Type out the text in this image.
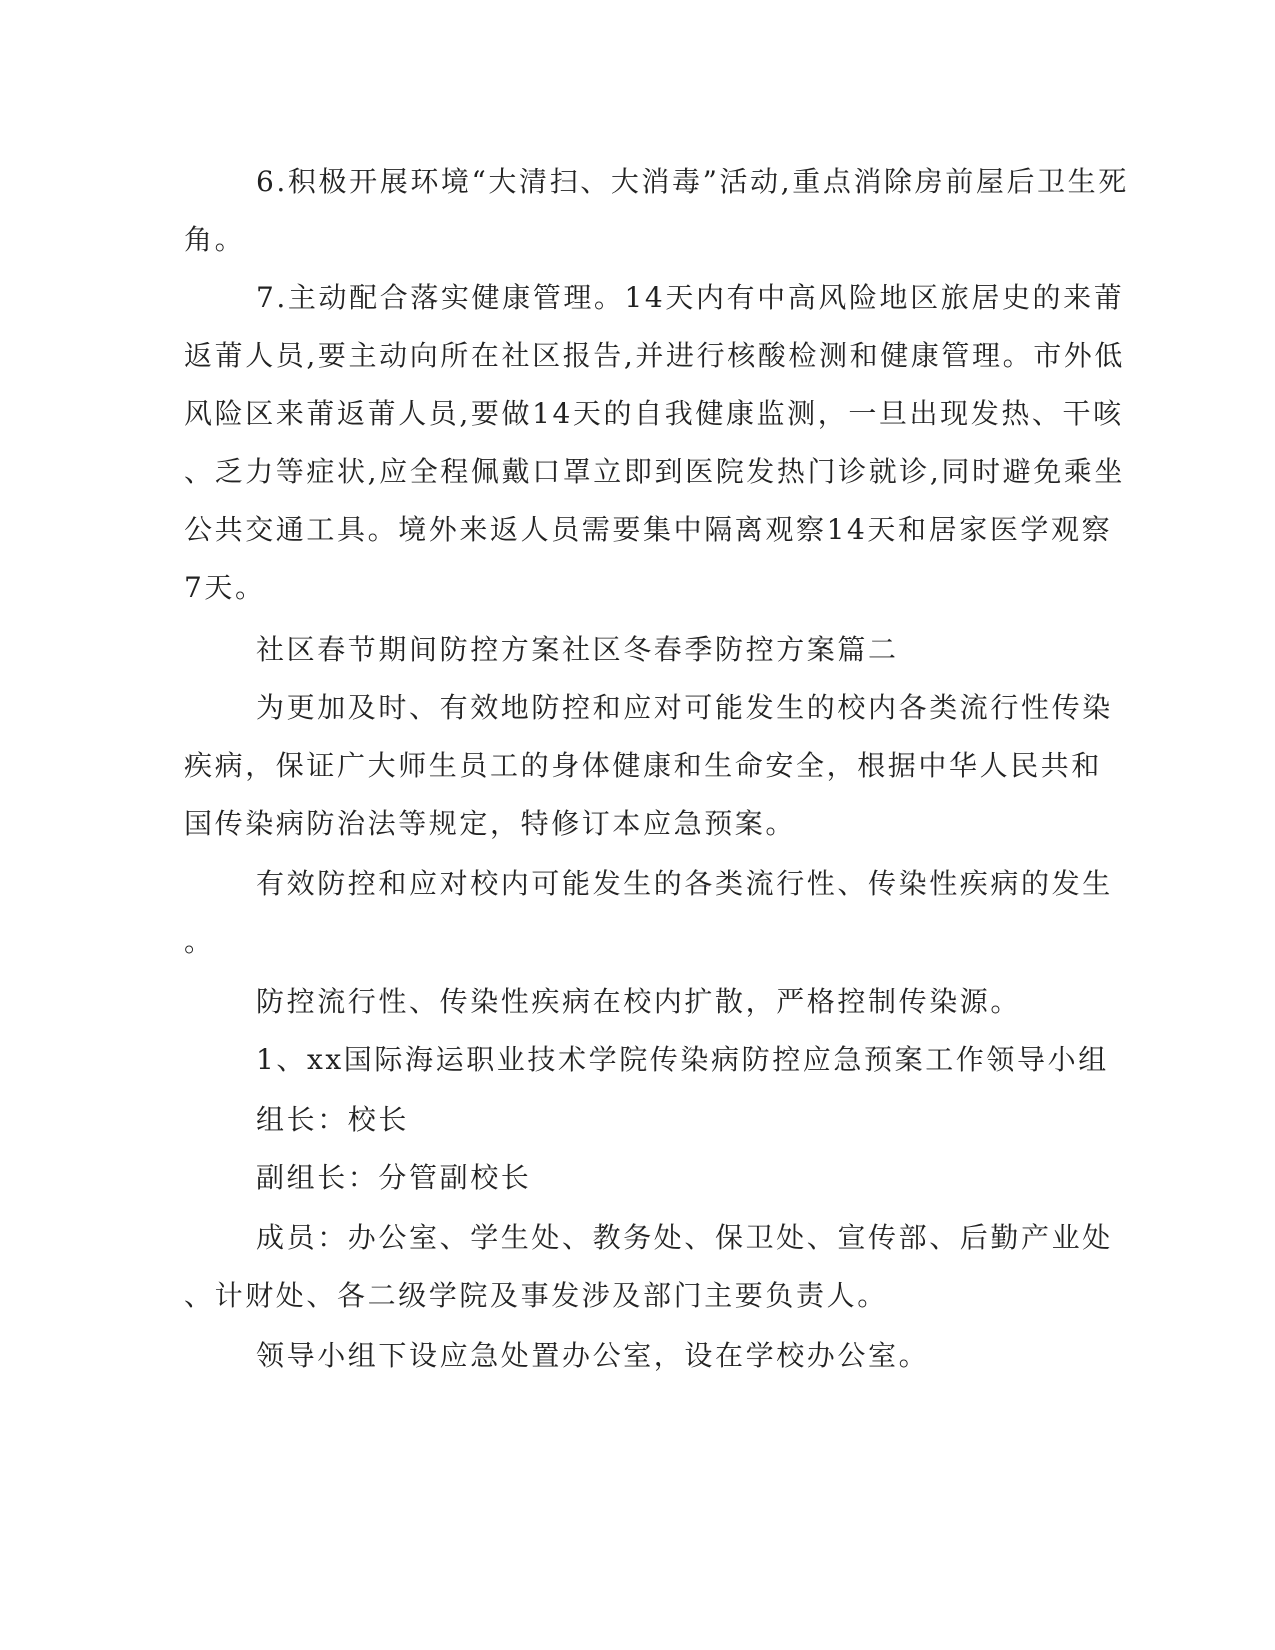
6.积极开展环境“大清扫、大消毒”活动,重点消除房前屋后卫生死
角。
7.主动配合落实健康管理。14天内有中高风险地区旅居史的来莆
返莆人员,要主动向所在社区报告,并进行核酸检测和健康管理。市外低
风险区来莆返莆人员,要做14天的自我健康监测，一旦出现发热、干咳
、乏力等症状,应全程佩戴口罩立即到医院发热门诊就诊,同时避免乘坐
公共交通工具。境外来返人员需要集中隔离观察14天和居家医学观察
7天。
社区春节期间防控方案社区冬春季防控方案篇二
为更加及时、有效地防控和应对可能发生的校内各类流行性传染
疾病，保证广大师生员工的身体健康和生命安全，根据中华人民共和
国传染病防治法等规定，特修订本应急预案。
有效防控和应对校内可能发生的各类流行性、传染性疾病的发生
。
防控流行性、传染性疾病在校内扩散，严格控制传染源。
1、xx国际海运职业技术学院传染病防控应急预案工作领导小组
组长：校长
副组长：分管副校长
成员：办公室、学生处、教务处、保卫处、宣传部、后勤产业处
、计财处、各二级学院及事发涉及部门主要负责人。
领导小组下设应急处置办公室，设在学校办公室。
